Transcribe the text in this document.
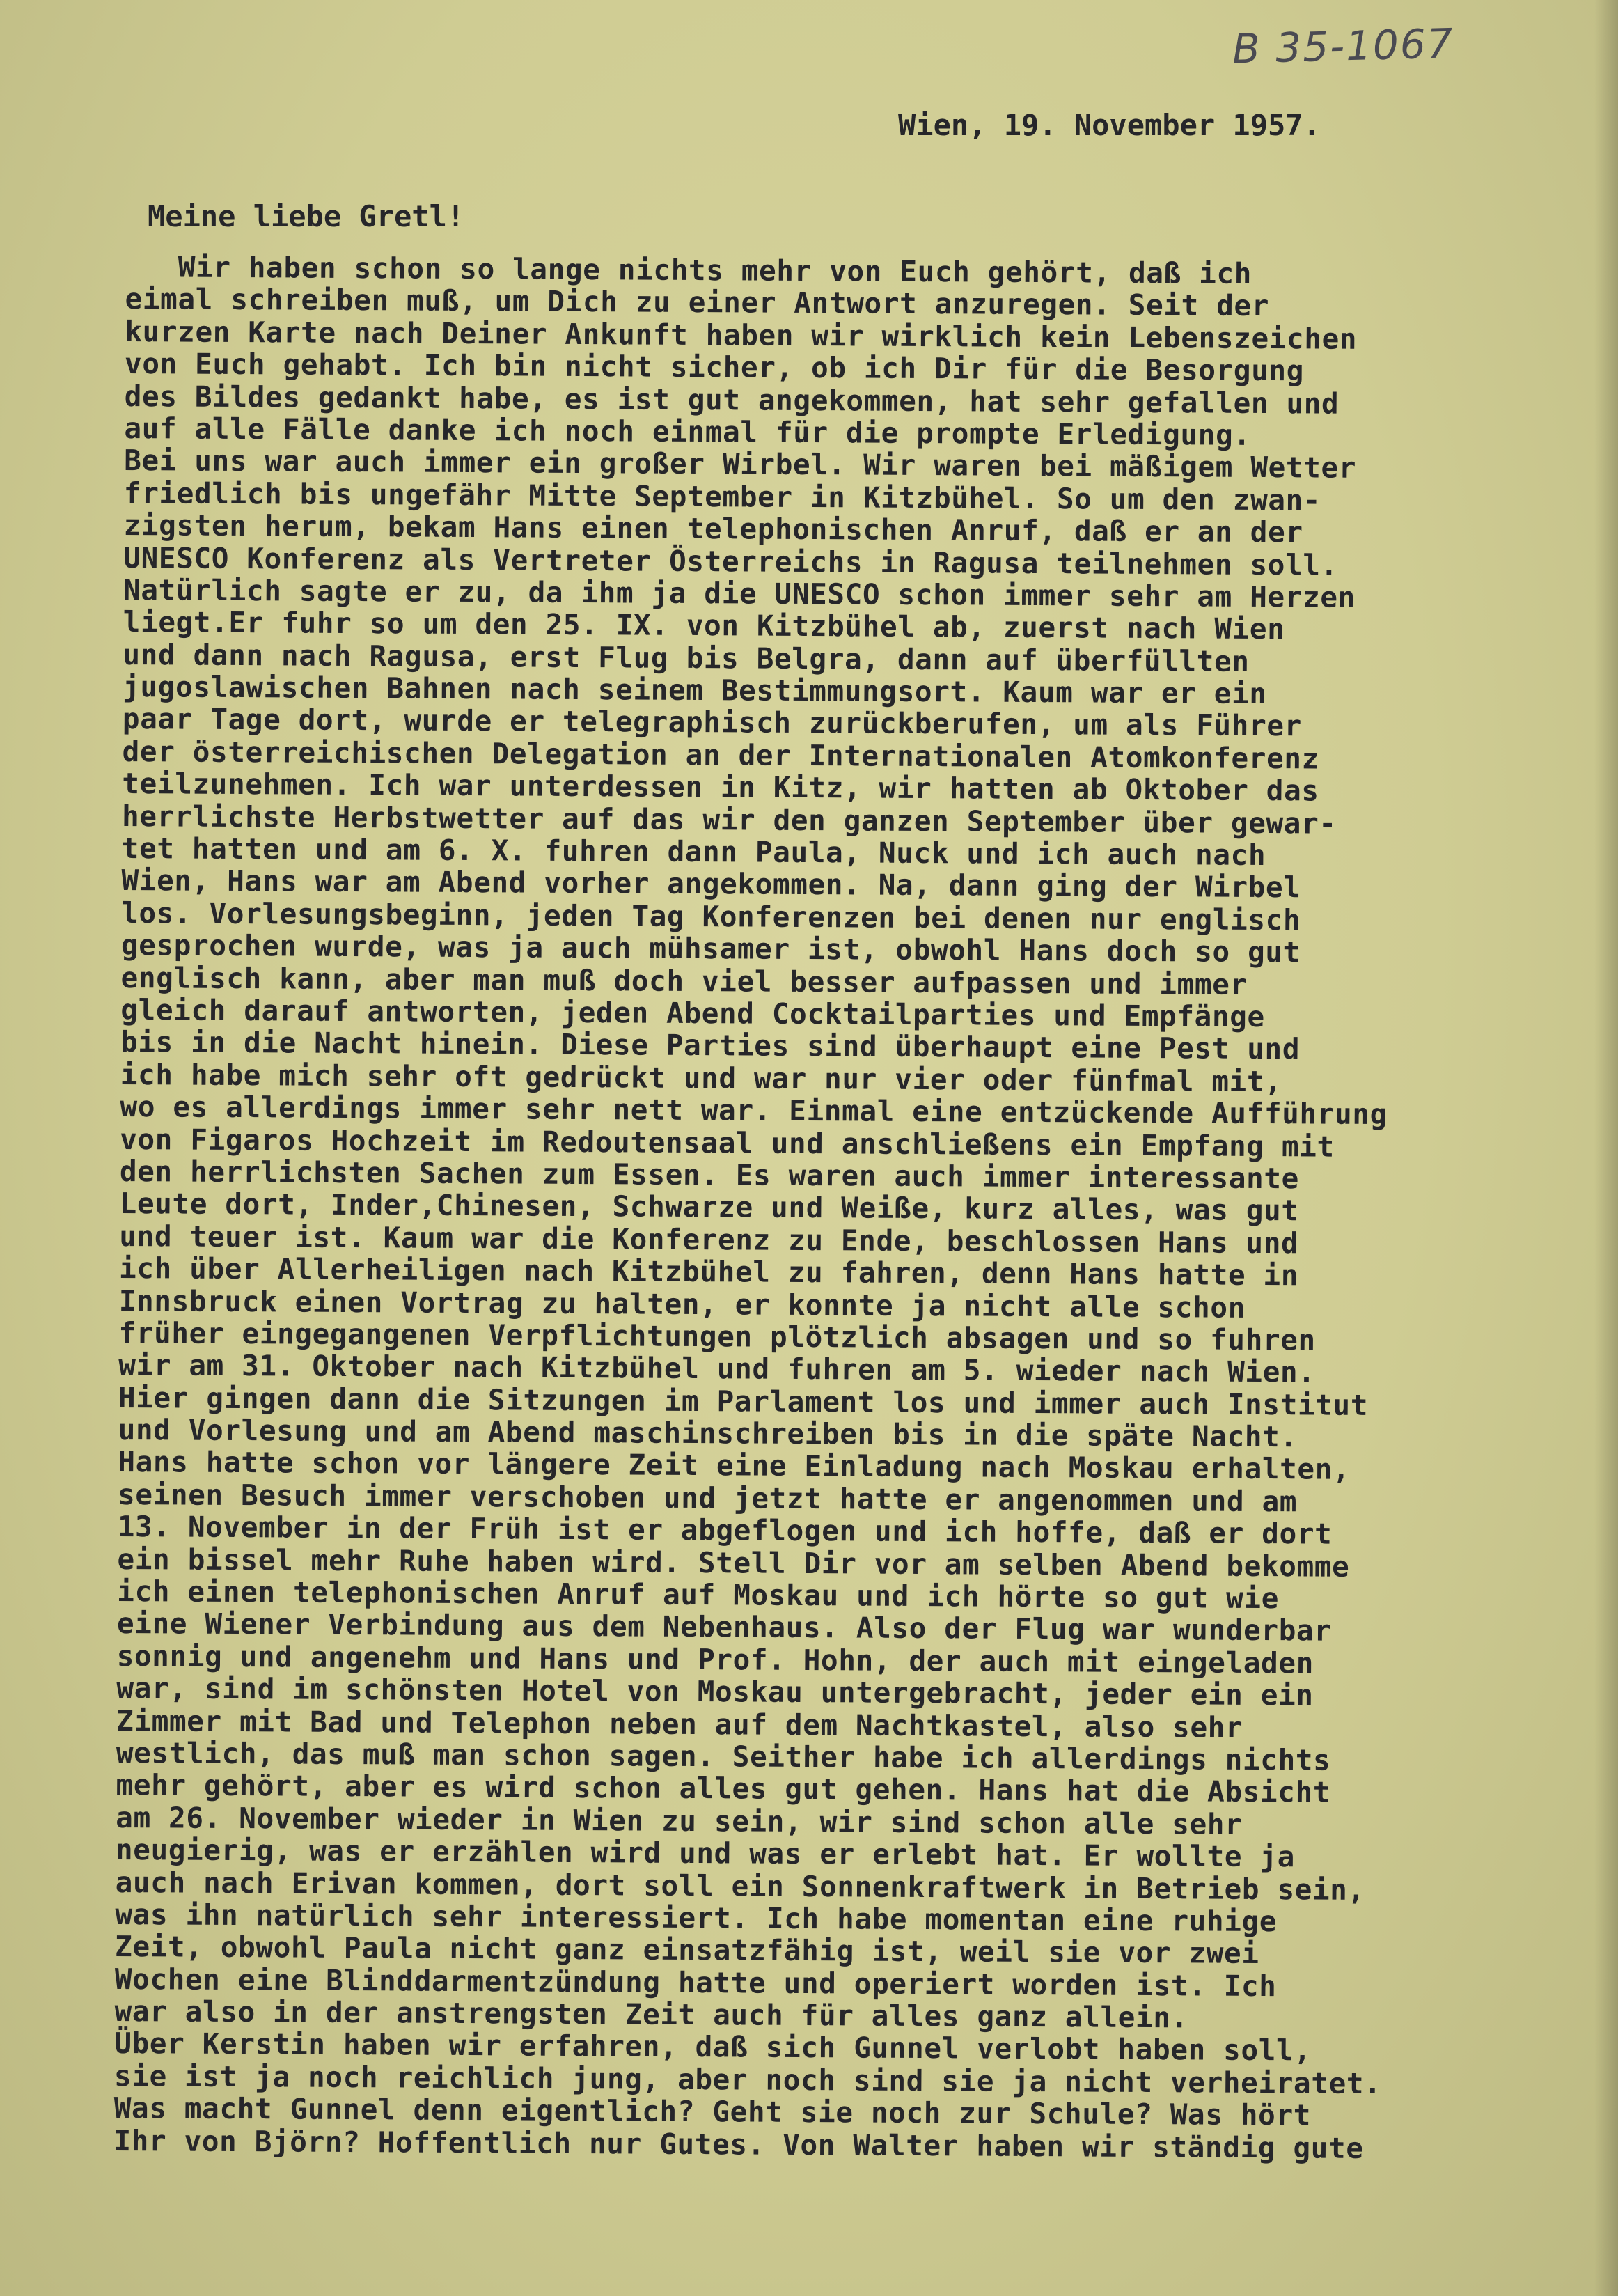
B 35-1067
Wien, 19. November 1957.
Meine liebe Gretl!
Wir haben schon so lange nichts mehr von Euch gehört, daß ich
eimal schreiben muß, um Dich zu einer Antwort anzuregen. Seit der
kurzen Karte nach Deiner Ankunft haben wir wirklich kein Lebenszeichen
von Euch gehabt. Ich bin nicht sicher, ob ich Dir für die Besorgung
des Bildes gedankt habe, es ist gut angekommen, hat sehr gefallen und
auf alle Fälle danke ich noch einmal für die prompte Erledigung.
Bei uns war auch immer ein großer Wirbel. Wir waren bei mäßigem Wetter
friedlich bis ungefähr Mitte September in Kitzbühel. So um den zwan-
zigsten herum, bekam Hans einen telephonischen Anruf, daß er an der
UNESCO Konferenz als Vertreter Österreichs in Ragusa teilnehmen soll.
Natürlich sagte er zu, da ihm ja die UNESCO schon immer sehr am Herzen
liegt.Er fuhr so um den 25. IX. von Kitzbühel ab, zuerst nach Wien
und dann nach Ragusa, erst Flug bis Belgra, dann auf überfüllten
jugoslawischen Bahnen nach seinem Bestimmungsort. Kaum war er ein
paar Tage dort, wurde er telegraphisch zurückberufen, um als Führer
der österreichischen Delegation an der Internationalen Atomkonferenz
teilzunehmen. Ich war unterdessen in Kitz, wir hatten ab Oktober das
herrlichste Herbstwetter auf das wir den ganzen September über gewar-
tet hatten und am 6. X. fuhren dann Paula, Nuck und ich auch nach
Wien, Hans war am Abend vorher angekommen. Na, dann ging der Wirbel
los. Vorlesungsbeginn, jeden Tag Konferenzen bei denen nur englisch
gesprochen wurde, was ja auch mühsamer ist, obwohl Hans doch so gut
englisch kann, aber man muß doch viel besser aufpassen und immer
gleich darauf antworten, jeden Abend Cocktailparties und Empfänge
bis in die Nacht hinein. Diese Parties sind überhaupt eine Pest und
ich habe mich sehr oft gedrückt und war nur vier oder fünfmal mit,
wo es allerdings immer sehr nett war. Einmal eine entzückende Aufführung
von Figaros Hochzeit im Redoutensaal und anschließens ein Empfang mit
den herrlichsten Sachen zum Essen. Es waren auch immer interessante
Leute dort, Inder,Chinesen, Schwarze und Weiße, kurz alles, was gut
und teuer ist. Kaum war die Konferenz zu Ende, beschlossen Hans und
ich über Allerheiligen nach Kitzbühel zu fahren, denn Hans hatte in
Innsbruck einen Vortrag zu halten, er konnte ja nicht alle schon
früher eingegangenen Verpflichtungen plötzlich absagen und so fuhren
wir am 31. Oktober nach Kitzbühel und fuhren am 5. wieder nach Wien.
Hier gingen dann die Sitzungen im Parlament los und immer auch Institut
und Vorlesung und am Abend maschinschreiben bis in die späte Nacht.
Hans hatte schon vor längere Zeit eine Einladung nach Moskau erhalten,
seinen Besuch immer verschoben und jetzt hatte er angenommen und am
13. November in der Früh ist er abgeflogen und ich hoffe, daß er dort
ein bissel mehr Ruhe haben wird. Stell Dir vor am selben Abend bekomme
ich einen telephonischen Anruf auf Moskau und ich hörte so gut wie
eine Wiener Verbindung aus dem Nebenhaus. Also der Flug war wunderbar
sonnig und angenehm und Hans und Prof. Hohn, der auch mit eingeladen
war, sind im schönsten Hotel von Moskau untergebracht, jeder ein ein
Zimmer mit Bad und Telephon neben auf dem Nachtkastel, also sehr
westlich, das muß man schon sagen. Seither habe ich allerdings nichts
mehr gehört, aber es wird schon alles gut gehen. Hans hat die Absicht
am 26. November wieder in Wien zu sein, wir sind schon alle sehr
neugierig, was er erzählen wird und was er erlebt hat. Er wollte ja
auch nach Erivan kommen, dort soll ein Sonnenkraftwerk in Betrieb sein,
was ihn natürlich sehr interessiert. Ich habe momentan eine ruhige
Zeit, obwohl Paula nicht ganz einsatzfähig ist, weil sie vor zwei
Wochen eine Blinddarmentzündung hatte und operiert worden ist. Ich
war also in der anstrengsten Zeit auch für alles ganz allein.
Über Kerstin haben wir erfahren, daß sich Gunnel verlobt haben soll,
sie ist ja noch reichlich jung, aber noch sind sie ja nicht verheiratet.
Was macht Gunnel denn eigentlich? Geht sie noch zur Schule? Was hört
Ihr von Björn? Hoffentlich nur Gutes. Von Walter haben wir ständig gute
